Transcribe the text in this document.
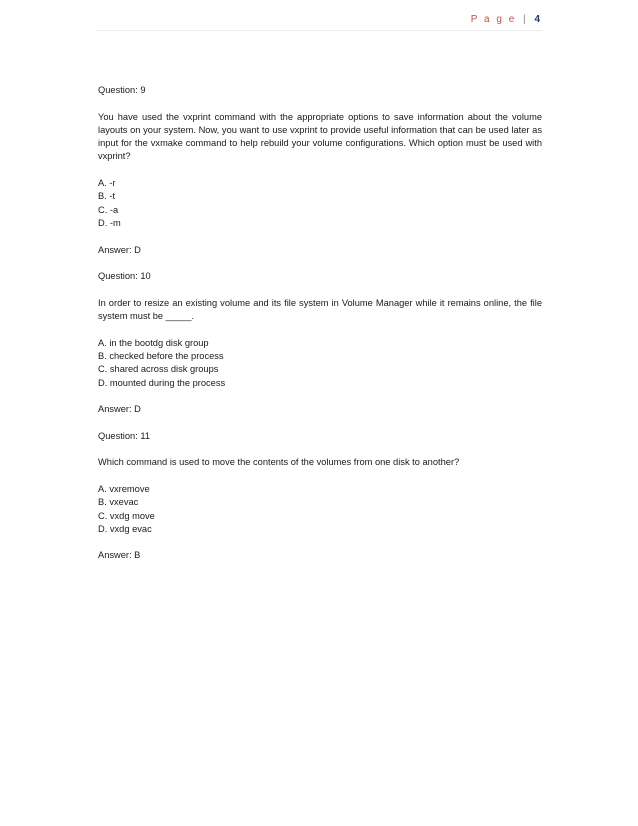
P a g e | 4

Question: 9

You have used the vxprint command with the appropriate options to save information about the volume layouts on your system. Now, you want to use vxprint to provide useful information that can be used later as input for the vxmake command to help rebuild your volume configurations. Which option must be used with vxprint?

A. -r
B. -t
C. -a
D. -m

Answer: D

Question: 10

In order to resize an existing volume and its file system in Volume Manager while it remains online, the file system must be _____.

A. in the bootdg disk group
B. checked before the process
C. shared across disk groups
D. mounted during the process

Answer: D

Question: 11

Which command is used to move the contents of the volumes from one disk to another?

A. vxremove
B. vxevac
C. vxdg move
D. vxdg evac

Answer: B
